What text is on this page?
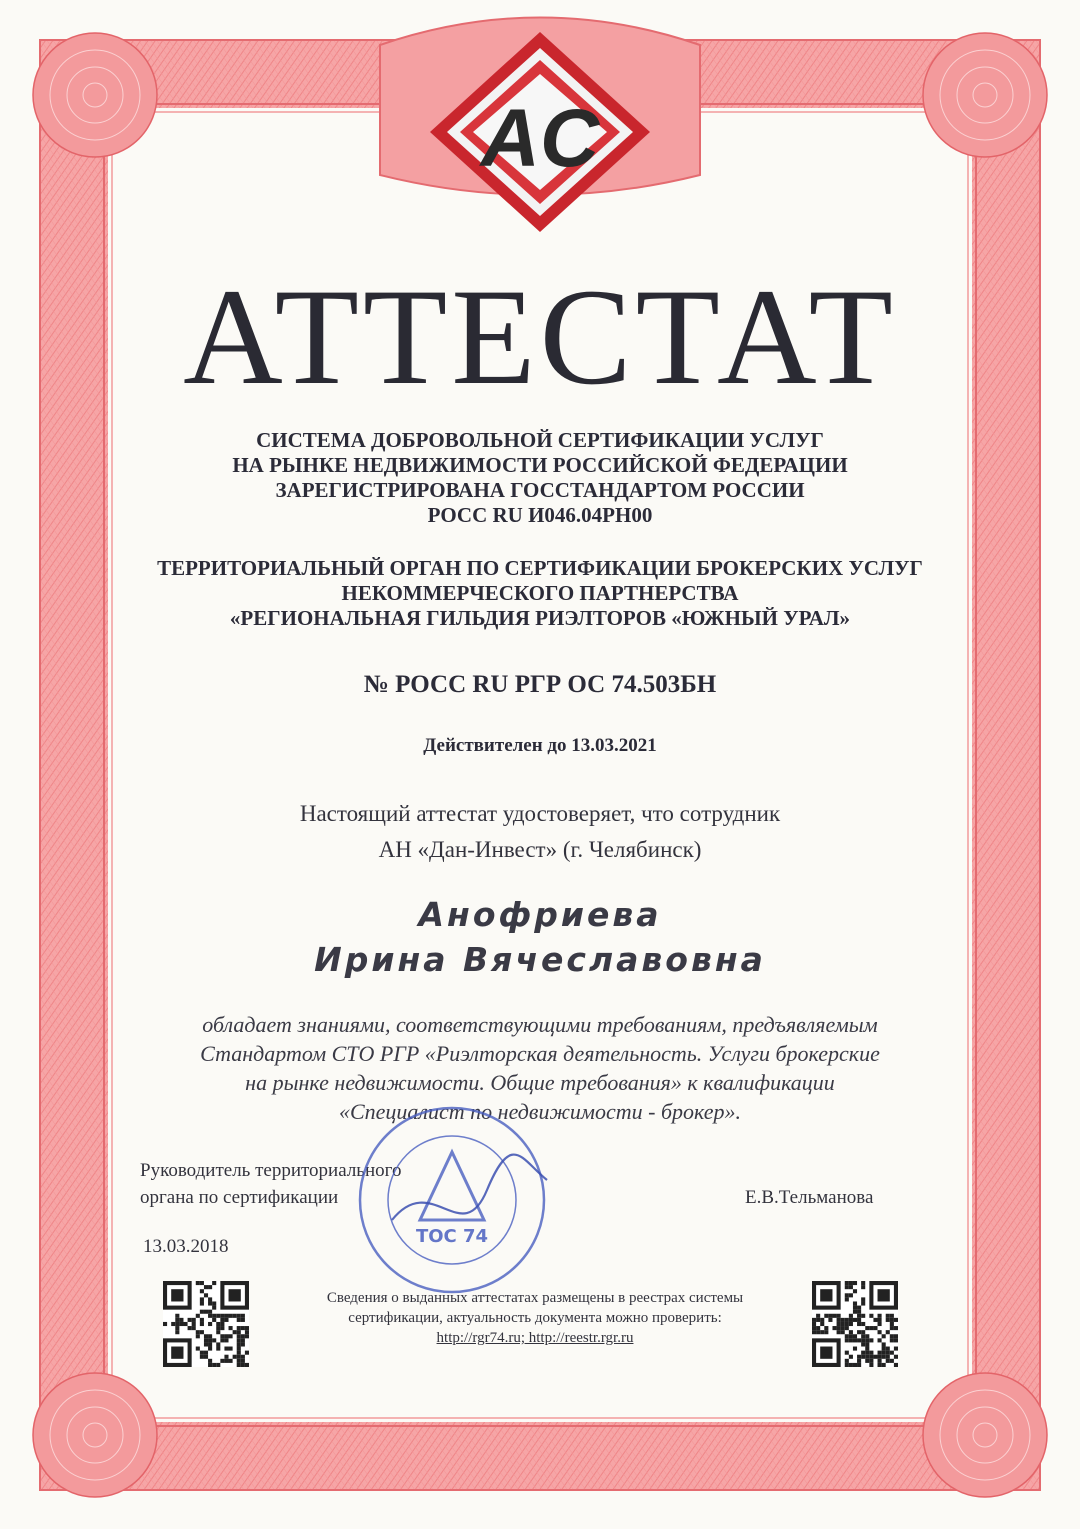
AC
АТТЕСТАТ
СИСТЕМА ДОБРОВОЛЬНОЙ СЕРТИФИКАЦИИ УСЛУГ
НА РЫНКЕ НЕДВИЖИМОСТИ РОССИЙСКОЙ ФЕДЕРАЦИИ
ЗАРЕГИСТРИРОВАНА ГОССТАНДАРТОМ РОССИИ
РОСС RU И046.04РН00
ТЕРРИТОРИАЛЬНЫЙ ОРГАН ПО СЕРТИФИКАЦИИ БРОКЕРСКИХ УСЛУГ
НЕКОММЕРЧЕСКОГО ПАРТНЕРСТВА
«РЕГИОНАЛЬНАЯ ГИЛЬДИЯ РИЭЛТОРОВ «ЮЖНЫЙ УРАЛ»
№ РОСС RU РГР ОС 74.503БН
Действителен до 13.03.2021
Настоящий аттестат удостоверяет, что сотрудник
АН «Дан-Инвест» (г. Челябинск)
Анофриева
Ирина Вячеславовна
обладает знаниями, соответствующими требованиям, предъявляемым
Стандартом СТО РГР «Риэлторская деятельность. Услуги брокерские
на рынке недвижимости. Общие требования» к квалификации
«Специалист по недвижимости - брокер».
Руководитель территориального
органа по сертификации	Е.В.Тельманова
13.03.2018	ТОС 74
Сведения о выданных аттестатах размещены в реестрах системы
сертификации, актуальность документа можно проверить:
http://rgr74.ru; http://reestr.rgr.ru
